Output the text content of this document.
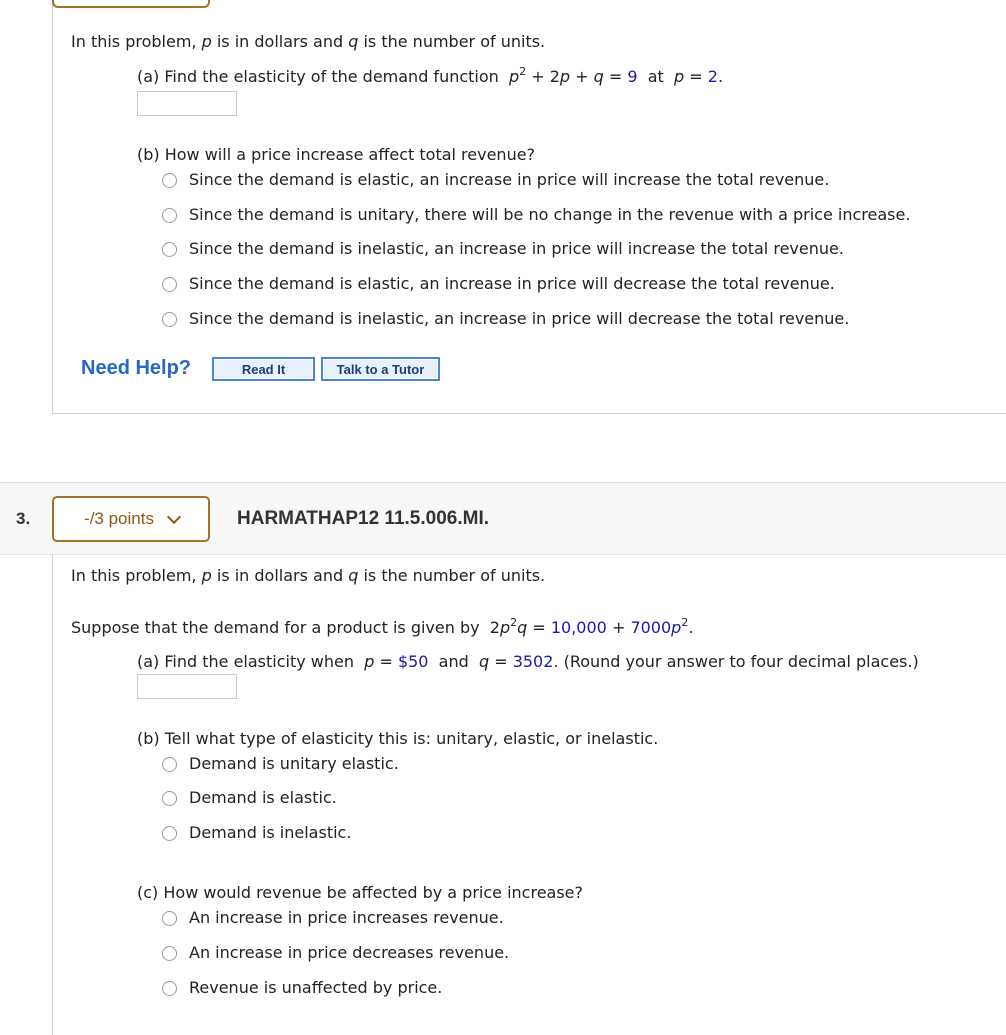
In this problem, p is in dollars and q is the number of units.
(a) Find the elasticity of the demand function $p^2 + 2p + q = 9$ at p = 2.
(b) How will a price increase affect total revenue?
Since the demand is elastic, an increase in price will increase the total revenue.
Since the demand is unitary, there will be no change in the revenue with a price increase.
Since the demand is inelastic, an increase in price will increase the total revenue.
Since the demand is elastic, an increase in price will decrease the total revenue.
Since the demand is inelastic, an increase in price will decrease the total revenue.
Need Help?	Read It	Talk to a Tutor
3.	-/3 points	HARMATHAP12 11.5.006.MI.
In this problem, p is in dollars and q is the number of units.
Suppose that the demand for a product is given by $2p^2q = 10,000 + 7000p^2$.
(a) Find the elasticity when p = $50 and q = 3502. (Round your answer to four decimal places.)
(b) Tell what type of elasticity this is: unitary, elastic, or inelastic.
Demand is unitary elastic.
Demand is elastic.
Demand is inelastic.
(c) How would revenue be affected by a price increase?
An increase in price increases revenue.
An increase in price decreases revenue.
Revenue is unaffected by price.
